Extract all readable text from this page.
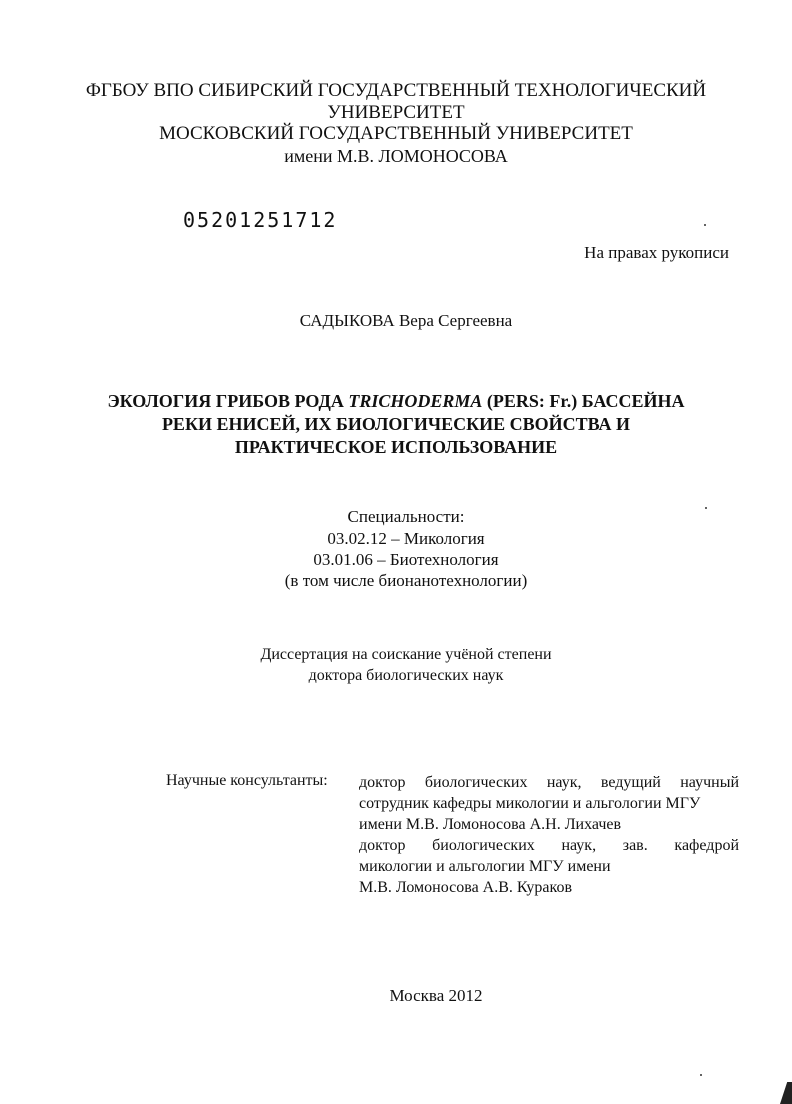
ФГБОУ ВПО СИБИРСКИЙ ГОСУДАРСТВЕННЫЙ ТЕХНОЛОГИЧЕСКИЙ
УНИВЕРСИТЕТ
МОСКОВСКИЙ ГОСУДАРСТВЕННЫЙ УНИВЕРСИТЕТ
имени М.В. ЛОМОНОСОВА
05201251712
На правах рукописи
САДЫКОВА Вера Сергеевна
ЭКОЛОГИЯ ГРИБОВ РОДА TRICHODERMA (PERS: Fr.) БАССЕЙНА
РЕКИ ЕНИСЕЙ, ИХ БИОЛОГИЧЕСКИЕ СВОЙСТВА И
ПРАКТИЧЕСКОЕ ИСПОЛЬЗОВАНИЕ
Специальности:
03.02.12 – Микология
03.01.06 – Биотехнология
(в том числе бионанотехнологии)
Диссертация на соискание учёной степени
доктора биологических наук
Научные консультанты: доктор биологических наук, ведущий научный
сотрудник кафедры микологии и альгологии МГУ
имени М.В. Ломоносова А.Н. Лихачев
доктор биологических наук, зав. кафедрой
микологии и альгологии МГУ имени
М.В. Ломоносова А.В. Кураков
Москва 2012
